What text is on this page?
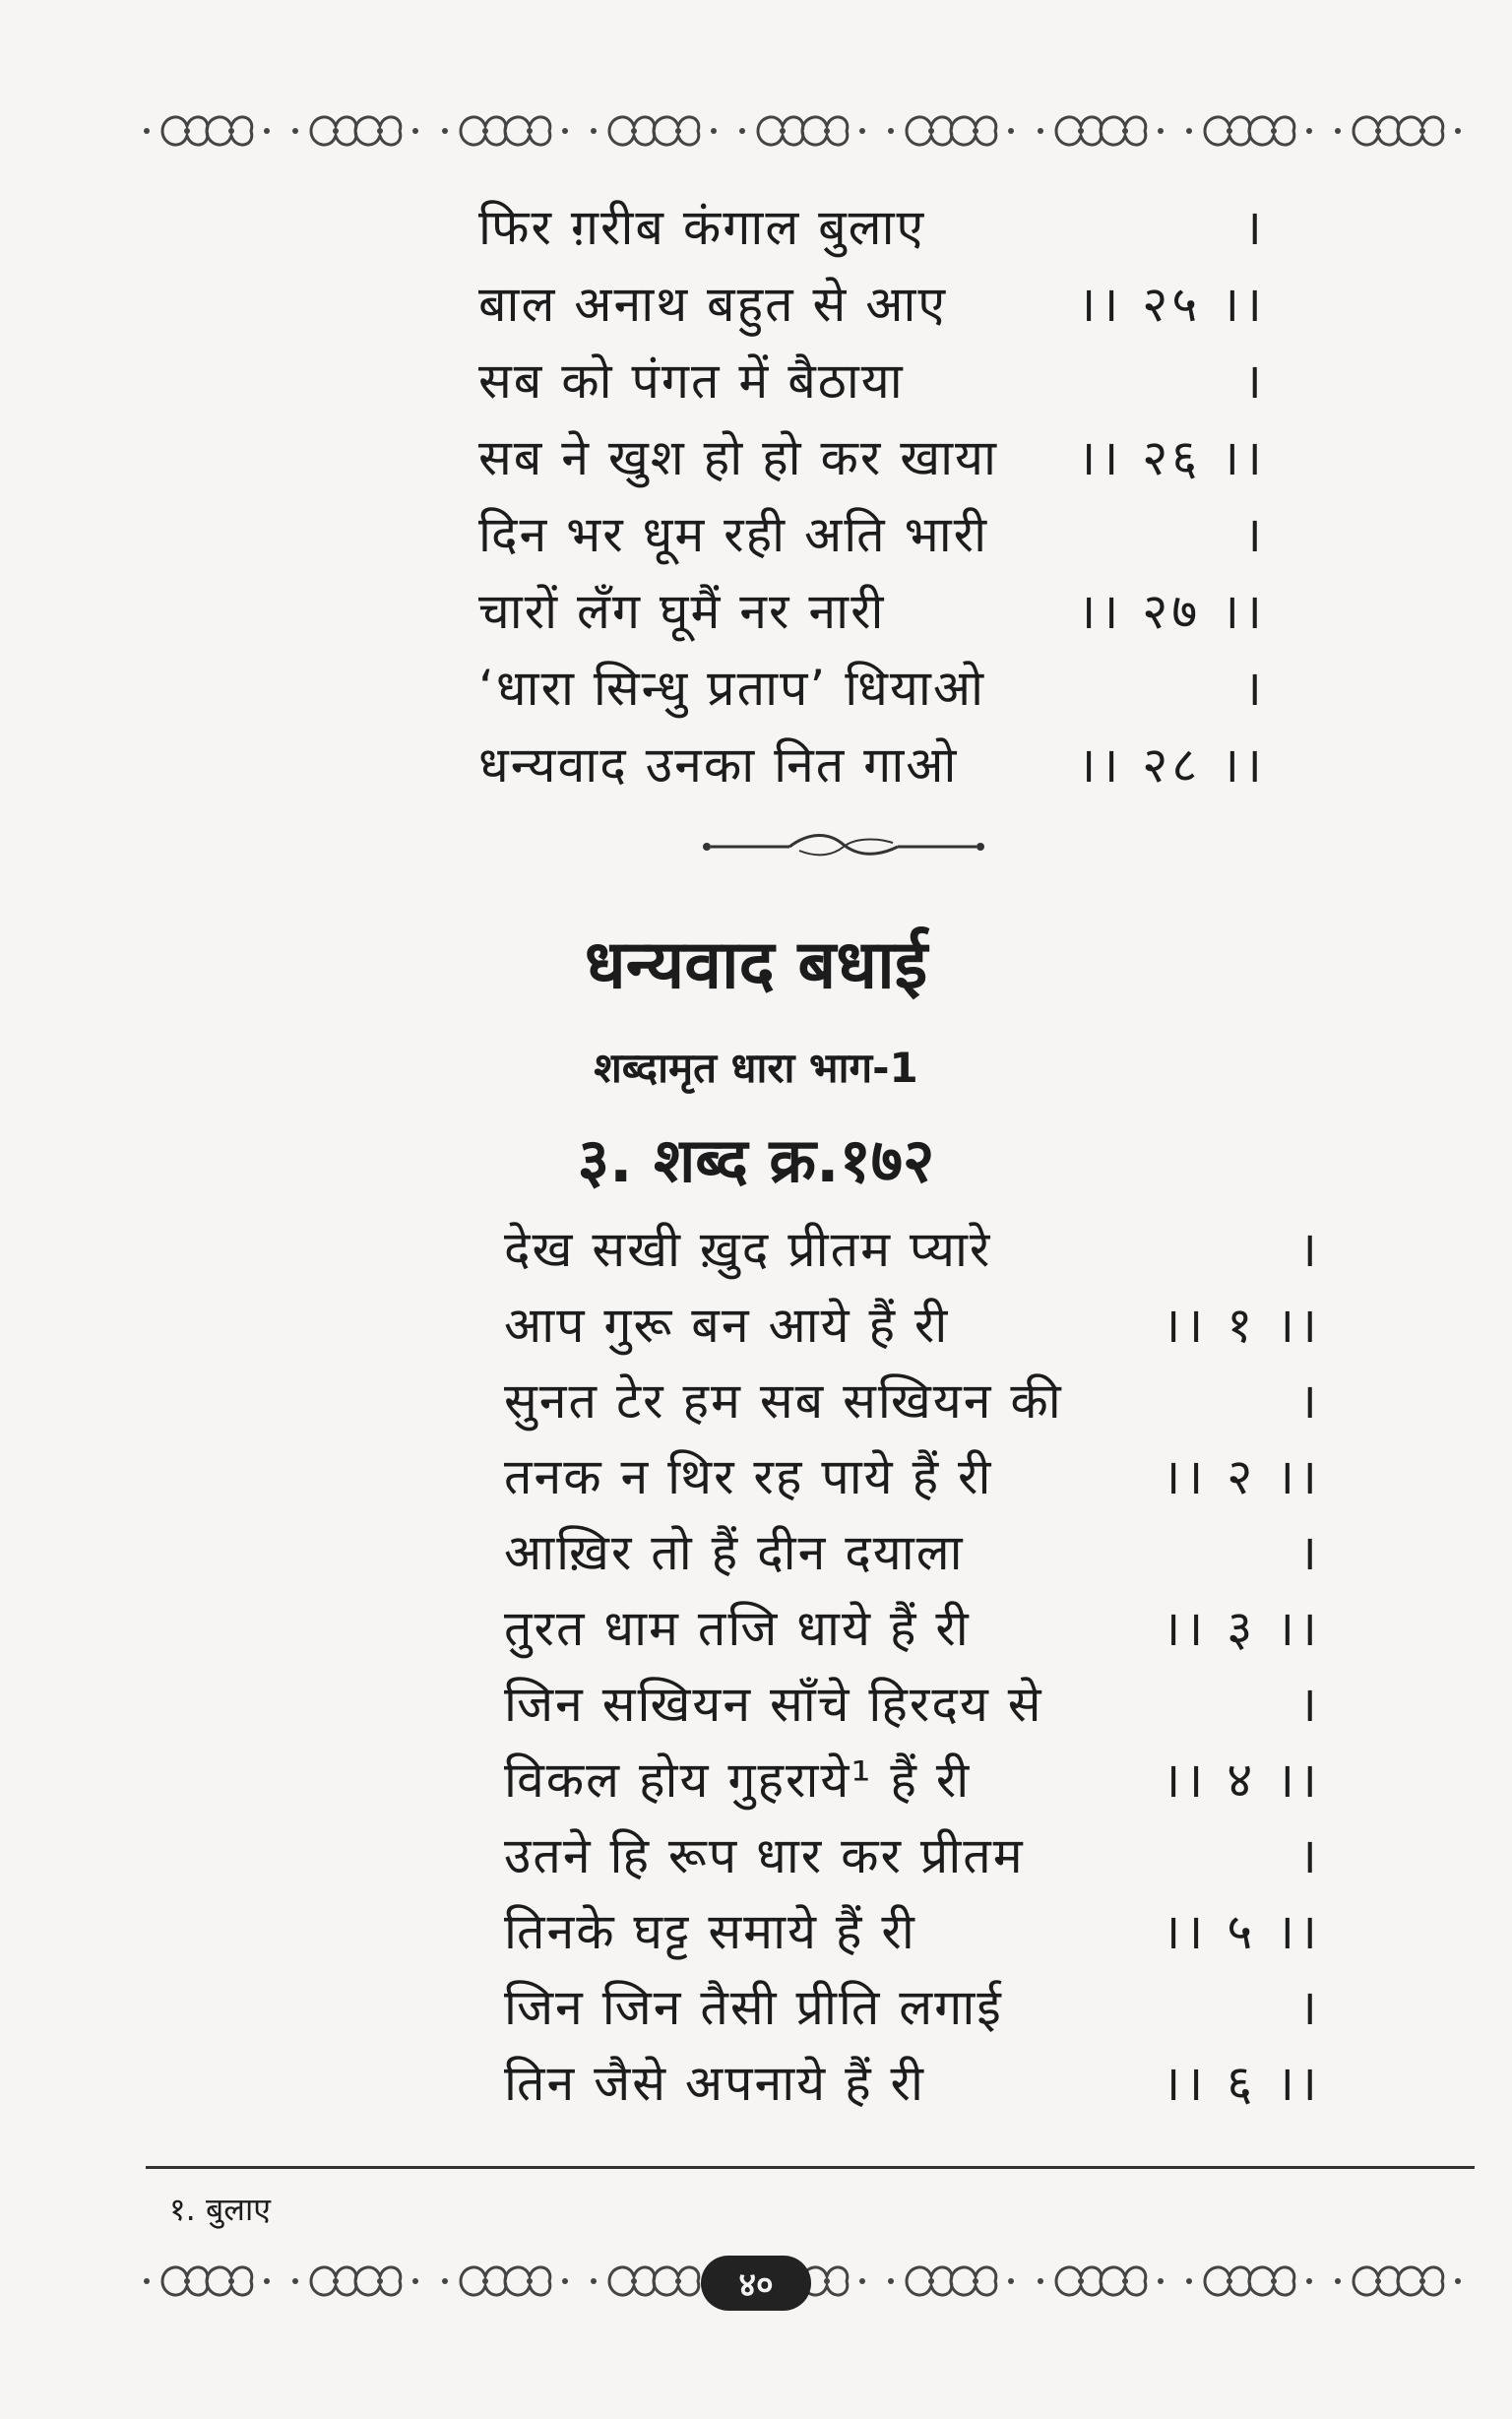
फिर ग़रीब कंगाल बुलाए	।
बाल अनाथ बहुत से आए	।। २५ ।।
सब को पंगत में बैठाया	।
सब ने खुश हो हो कर खाया	।। २६ ।।
दिन भर धूम रही अति भारी	।
चारों लँग घूमैं नर नारी	।। २७ ।।
‘धारा सिन्धु प्रताप’ धियाओ	।
धन्यवाद उनका नित गाओ	।। २८ ।।
धन्यवाद बधाई
शब्दामृत धारा भाग-1
३. शब्द क्र.१७२
देख सखी ख़ुद प्रीतम प्यारे	।
आप गुरू बन आये हैं री	।। १ ।।
सुनत टेर हम सब सखियन की	।
तनक न थिर रह पाये हैं री	।। २ ।।
आख़िर तो हैं दीन दयाला	।
तुरत धाम तजि धाये हैं री	।। ३ ।।
जिन सखियन साँचे हिरदय से	।
विकल होय गुहराये¹ हैं री	।। ४ ।।
उतने हि रूप धार कर प्रीतम	।
तिनके घट्ट समाये हैं री	।। ५ ।।
जिन जिन तैसी प्रीति लगाई	।
तिन जैसे अपनाये हैं री	।। ६ ।।
१. बुलाए
४०
